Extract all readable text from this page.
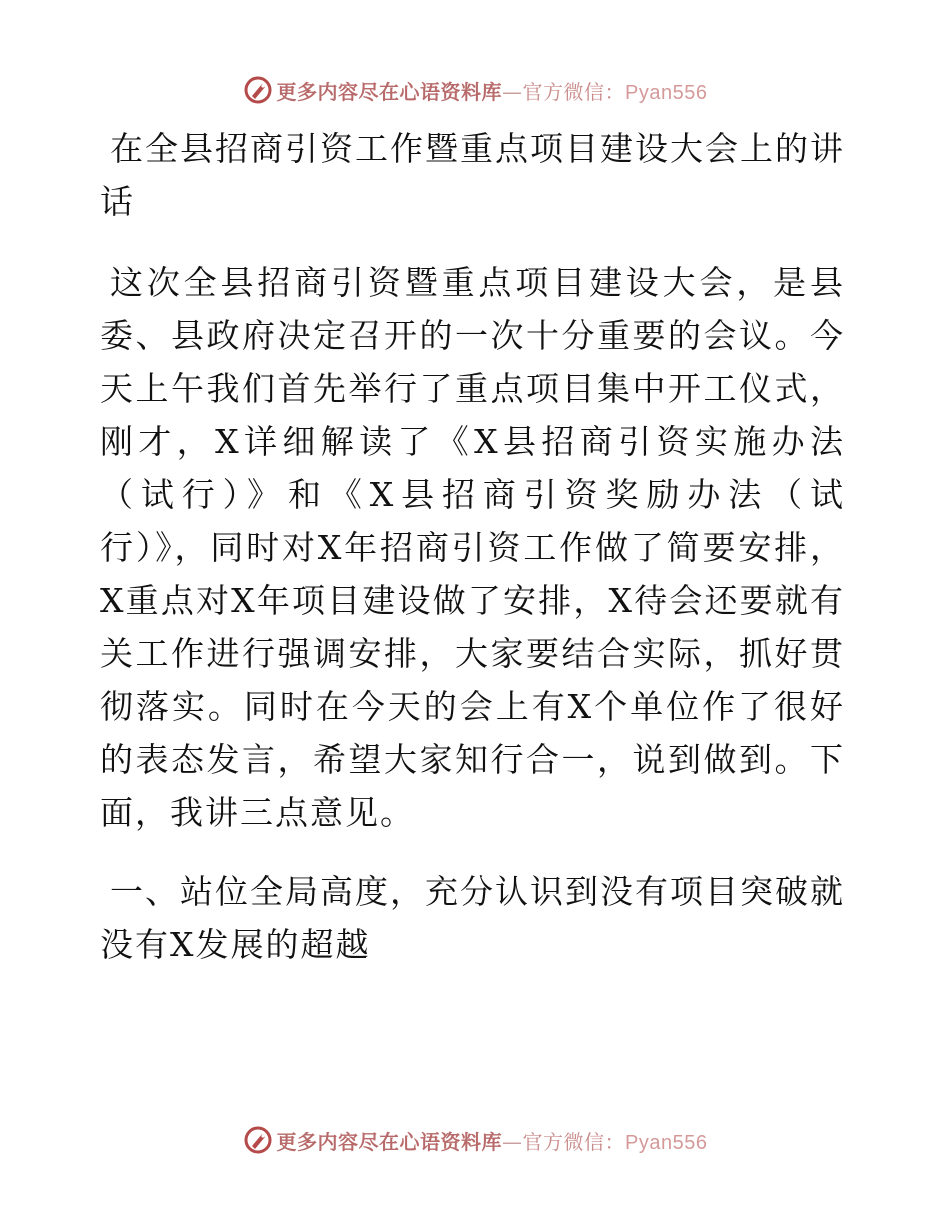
更多内容尽在心语资料库—官方微信：Pyan556

在全县招商引资工作暨重点项目建设大会上的讲话

这次全县招商引资暨重点项目建设大会，是县委、县政府决定召开的一次十分重要的会议。今天上午我们首先举行了重点项目集中开工仪式，刚才，X详细解读了《X县招商引资实施办法（试行）》和《X县招商引资奖励办法（试行）》，同时对X年招商引资工作做了简要安排，X重点对X年项目建设做了安排，X待会还要就有关工作进行强调安排，大家要结合实际，抓好贯彻落实。同时在今天的会上有X个单位作了很好的表态发言，希望大家知行合一，说到做到。下面，我讲三点意见。

一、站位全局高度，充分认识到没有项目突破就没有X发展的超越

更多内容尽在心语资料库—官方微信：Pyan556
